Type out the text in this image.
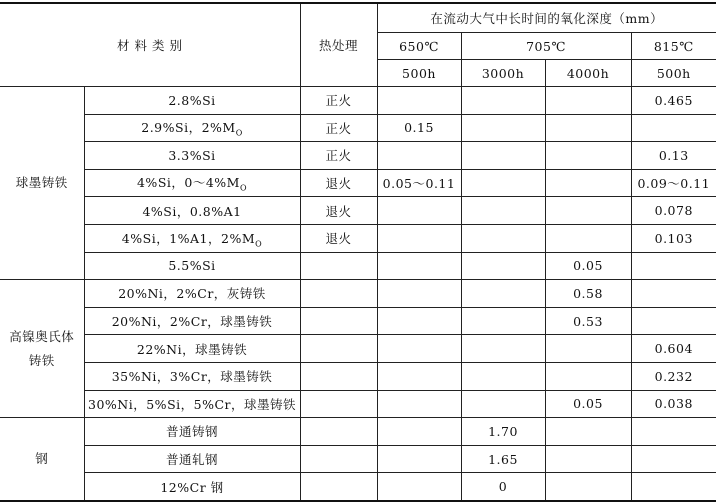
材 料 类 别		热处理	在流动大气中长时间的氧化深度（mm）			
			650℃	705℃		815℃
			500h	3000h	4000h	500h
球墨铸铁	2.8%Si	正火				0.465
	2.9%Si，$2\%M_O$	正火	0.15			
	3.3%Si	正火				0.13
	4%Si，$0\sim 4\%M_O$	退火	0.05～0.11			0.09～0.11
	4%Si，0.8%A1	退火				0.078
	4%Si，1%A1，$2\%M_O$	退火				0.103
	5.5%Si				0.05	
高镍奥氏体铸铁	20%Ni，2%Cr，灰铸铁				0.58	
	20%Ni，2%Cr，球墨铸铁				0.53	
	22%Ni，球墨铸铁					0.604
	35%Ni，3%Cr，球墨铸铁					0.232
	30%Ni，5%Si，5%Cr，球墨铸铁				0.05	0.038
钢	普通铸钢			1.70		
	普通轧钢			1.65		
	12%Cr 钢			0		
